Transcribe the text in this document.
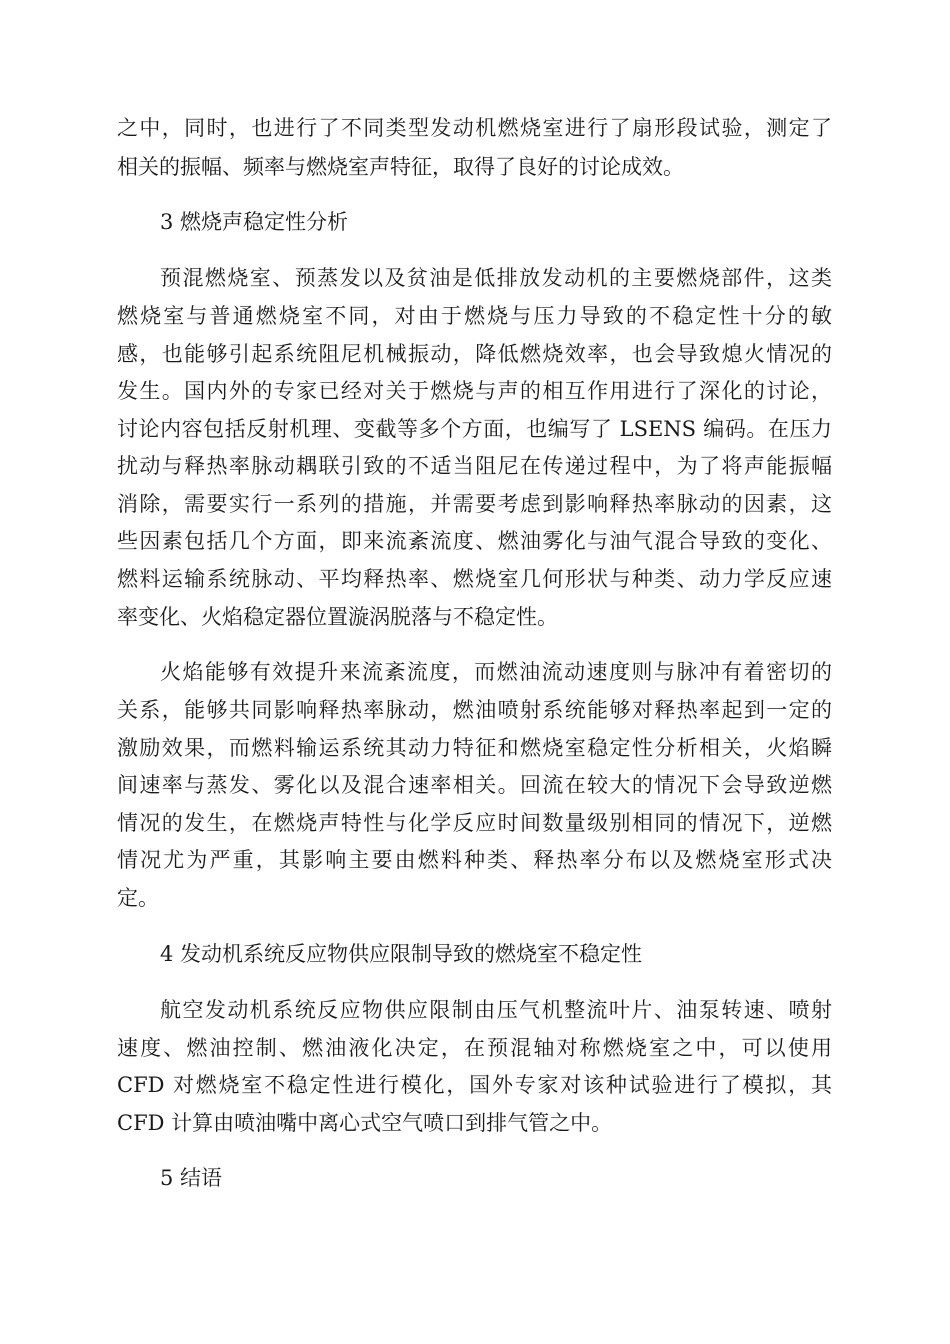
之中，同时，也进行了不同类型发动机燃烧室进行了扇形段试验，测定了
相关的振幅、频率与燃烧室声特征，取得了良好的讨论成效。
3 燃烧声稳定性分析
预混燃烧室、预蒸发以及贫油是低排放发动机的主要燃烧部件，这类
燃烧室与普通燃烧室不同，对由于燃烧与压力导致的不稳定性十分的敏
感，也能够引起系统阻尼机械振动，降低燃烧效率，也会导致熄火情况的
发生。国内外的专家已经对关于燃烧与声的相互作用进行了深化的讨论，
讨论内容包括反射机理、变截等多个方面，也编写了 LSENS 编码。在压力
扰动与释热率脉动耦联引致的不适当阻尼在传递过程中，为了将声能振幅
消除，需要实行一系列的措施，并需要考虑到影响释热率脉动的因素，这
些因素包括几个方面，即来流紊流度、燃油雾化与油气混合导致的变化、
燃料运输系统脉动、平均释热率、燃烧室几何形状与种类、动力学反应速
率变化、火焰稳定器位置漩涡脱落与不稳定性。
火焰能够有效提升来流紊流度，而燃油流动速度则与脉冲有着密切的
关系，能够共同影响释热率脉动，燃油喷射系统能够对释热率起到一定的
激励效果，而燃料输运系统其动力特征和燃烧室稳定性分析相关，火焰瞬
间速率与蒸发、雾化以及混合速率相关。回流在较大的情况下会导致逆燃
情况的发生，在燃烧声特性与化学反应时间数量级别相同的情况下，逆燃
情况尤为严重，其影响主要由燃料种类、释热率分布以及燃烧室形式决
定。
4 发动机系统反应物供应限制导致的燃烧室不稳定性
航空发动机系统反应物供应限制由压气机整流叶片、油泵转速、喷射
速度、燃油控制、燃油液化决定，在预混轴对称燃烧室之中，可以使用
CFD 对燃烧室不稳定性进行模化，国外专家对该种试验进行了模拟，其
CFD 计算由喷油嘴中离心式空气喷口到排气管之中。
5 结语
